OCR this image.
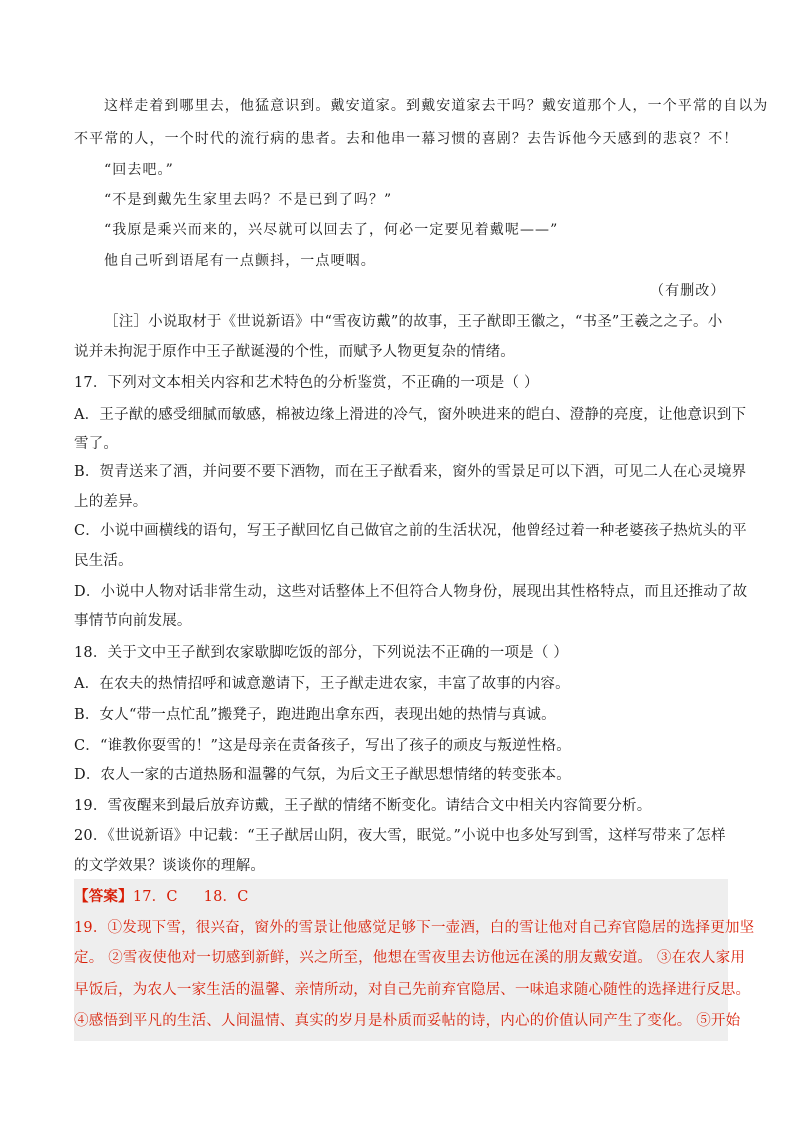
这样走着到哪里去，他猛意识到。戴安道家。到戴安道家去干吗？戴安道那个人，一个平常的自以为
不平常的人，一个时代的流行病的患者。去和他串一幕习惯的喜剧？去告诉他今天感到的悲哀？不！
“回去吧。”
“不是到戴先生家里去吗？不是已到了吗？”
“我原是乘兴而来的，兴尽就可以回去了，何必一定要见着戴呢——”
他自己听到语尾有一点颤抖，一点哽咽。
（有删改）
［注］小说取材于《世说新语》中“雪夜访戴”的故事，王子猷即王徽之，“书圣”王羲之之子。小
说并未拘泥于原作中王子猷诞漫的个性，而赋予人物更复杂的情绪。
17．下列对文本相关内容和艺术特色的分析鉴赏，不正确的一项是（ ）
A．王子猷的感受细腻而敏感，棉被边缘上滑进的冷气，窗外映进来的皑白、澄静的亮度，让他意识到下
雪了。
B．贺青送来了酒，并问要不要下酒物，而在王子猷看来，窗外的雪景足可以下酒，可见二人在心灵境界
上的差异。
C．小说中画横线的语句，写王子猷回忆自己做官之前的生活状况，他曾经过着一种老婆孩子热炕头的平
民生活。
D．小说中人物对话非常生动，这些对话整体上不但符合人物身份，展现出其性格特点，而且还推动了故
事情节向前发展。
18．关于文中王子猷到农家歇脚吃饭的部分，下列说法不正确的一项是（ ）
A．在农夫的热情招呼和诚意邀请下，王子猷走进农家，丰富了故事的内容。
B．女人“带一点忙乱”搬凳子，跑进跑出拿东西，表现出她的热情与真诚。
C．“谁教你耍雪的！”这是母亲在责备孩子，写出了孩子的顽皮与叛逆性格。
D．农人一家的古道热肠和温馨的气氛，为后文王子猷思想情绪的转变张本。
19．雪夜醒来到最后放弃访戴，王子猷的情绪不断变化。请结合文中相关内容简要分析。
20．《世说新语》中记载：“王子猷居山阴，夜大雪，眠觉。”小说中也多处写到雪，这样写带来了怎样
的文学效果？谈谈你的理解。
【答案】17．C 18．C
19．①发现下雪，很兴奋，窗外的雪景让他感觉足够下一壶酒，白的雪让他对自己弃官隐居的选择更加坚
定。 ②雪夜使他对一切感到新鲜，兴之所至，他想在雪夜里去访他远在溪的朋友戴安道。 ③在农人家用
早饭后，为农人一家生活的温馨、亲情所动，对自己先前弃官隐居、一味追求随心随性的选择进行反思。
④感悟到平凡的生活、人间温情、真实的岁月是朴质而妥帖的诗，内心的价值认同产生了变化。 ⑤开始
